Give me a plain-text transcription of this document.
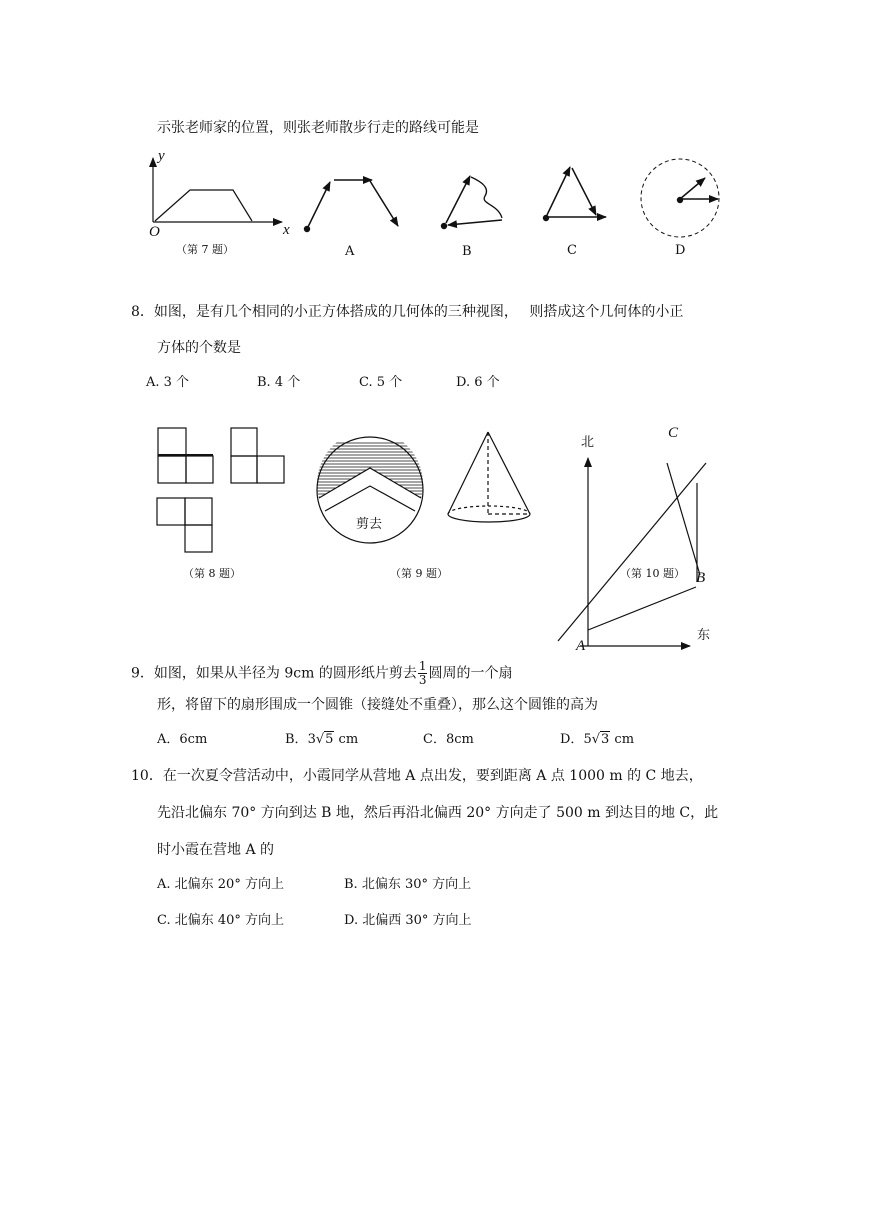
示张老师家的位置，则张老师散步行走的路线可能是
y
x
O
（第 7 题）	A	B	C	D
8．如图，是有几个相同的小正方体搭成的几何体的三种视图，　 则搭成这个几何体的小正
方体的个数是
A. 3 个	B. 4 个	C. 5 个	D. 6 个
（第 8 题）
剪去
（第 9 题）
北
C
（第 10 题） B
A
东
9．如图，如果从半径为 9cm 的圆形纸片剪去 $\frac{1}{3}$ 圆周的一个扇
形，将留下的扇形围成一个圆锥（接缝处不重叠），那么这个圆锥的高为
A．6cm	B．3√5 cm	C．8cm	D．5√3 cm
10．在一次夏令营活动中，小霞同学从营地 A 点出发，要到距离 A 点 1000 m 的 C 地去，
先沿北偏东 70° 方向到达 B 地，然后再沿北偏西 20° 方向走了 500 m 到达目的地 C，此
时小霞在营地 A 的
A. 北偏东 20° 方向上	B. 北偏东 30° 方向上
C. 北偏东 40° 方向上	D. 北偏西 30° 方向上
